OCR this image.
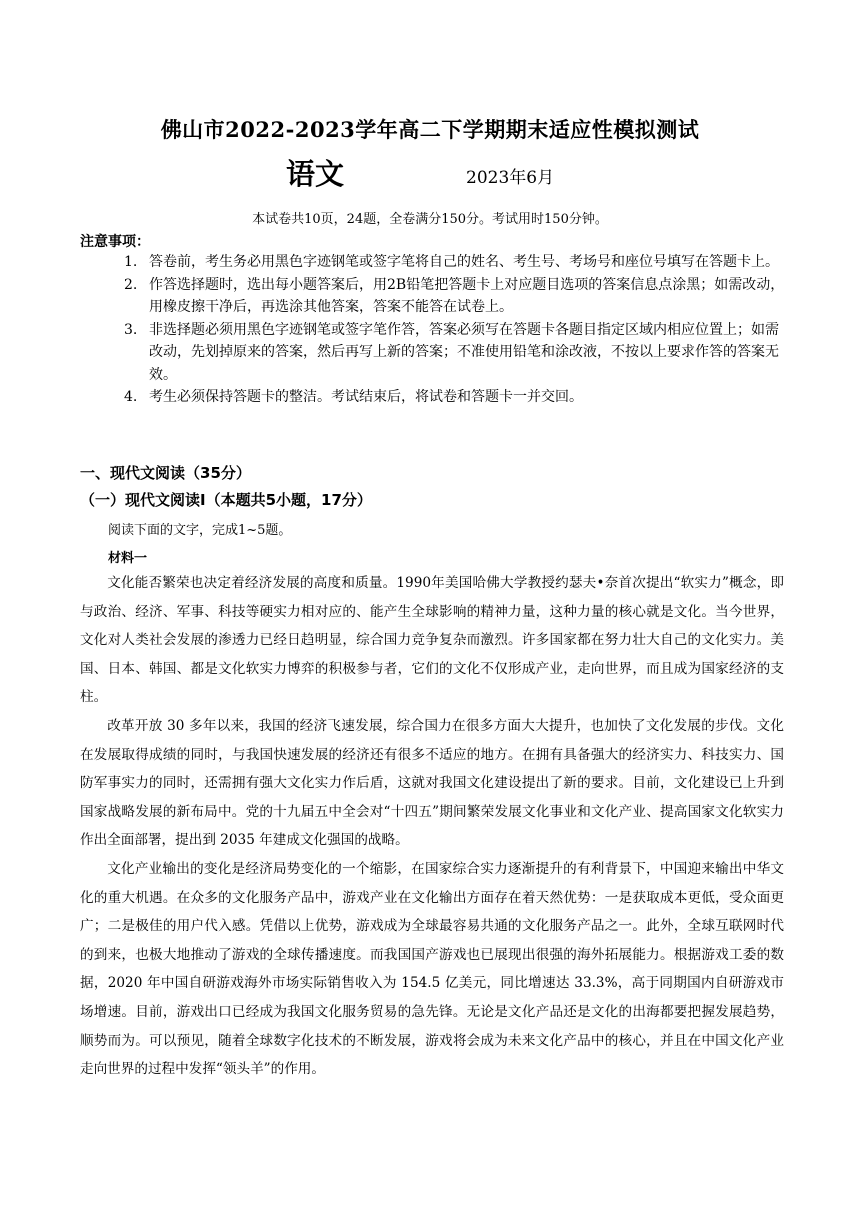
佛山市2022-2023学年高二下学期期末适应性模拟测试
语文	2023年6月
本试卷共10页，24题，全卷满分150分。考试用时150分钟。
注意事项：
1. 答卷前，考生务必用黑色字迹钢笔或签字笔将自己的姓名、考生号、考场号和座位号填写在答题卡上。
2. 作答选择题时，选出每小题答案后，用2B铅笔把答题卡上对应题目选项的答案信息点涂黑；如需改动，用橡皮擦干净后，再选涂其他答案，答案不能答在试卷上。
3. 非选择题必须用黑色字迹钢笔或签字笔作答，答案必须写在答题卡各题目指定区域内相应位置上；如需改动，先划掉原来的答案，然后再写上新的答案；不准使用铅笔和涂改液，不按以上要求作答的答案无效。
4. 考生必须保持答题卡的整洁。考试结束后，将试卷和答题卡一并交回。
一、现代文阅读（35分）
（一）现代文阅读Ⅰ（本题共5小题，17分）
阅读下面的文字，完成1~5题。
材料一

文化能否繁荣也决定着经济发展的高度和质量。1990年美国哈佛大学教授约瑟夫•奈首次提出“软实力”概念，即与政治、经济、军事、科技等硬实力相对应的、能产生全球影响的精神力量，这种力量的核心就是文化。当今世界，文化对人类社会发展的渗透力已经日趋明显，综合国力竞争复杂而激烈。许多国家都在努力壮大自己的文化实力。美国、日本、韩国、都是文化软实力博弈的积极参与者，它们的文化不仅形成产业，走向世界，而且成为国家经济的支柱。

改革开放 30 多年以来，我国的经济飞速发展，综合国力在很多方面大大提升，也加快了文化发展的步伐。文化在发展取得成绩的同时，与我国快速发展的经济还有很多不适应的地方。在拥有具备强大的经济实力、科技实力、国防军事实力的同时，还需拥有强大文化实力作后盾，这就对我国文化建设提出了新的要求。目前，文化建设已上升到国家战略发展的新布局中。党的十九届五中全会对“十四五”期间繁荣发展文化事业和文化产业、提高国家文化软实力作出全面部署，提出到 2035 年建成文化强国的战略。

文化产业输出的变化是经济局势变化的一个缩影，在国家综合实力逐渐提升的有利背景下，中国迎来输出中华文化的重大机遇。在众多的文化服务产品中，游戏产业在文化输出方面存在着天然优势：一是获取成本更低，受众面更广；二是极佳的用户代入感。凭借以上优势，游戏成为全球最容易共通的文化服务产品之一。此外，全球互联网时代的到来，也极大地推动了游戏的全球传播速度。而我国国产游戏也已展现出很强的海外拓展能力。根据游戏工委的数据，2020 年中国自研游戏海外市场实际销售收入为 154.5 亿美元，同比增速达 33.3%，高于同期国内自研游戏市场增速。目前，游戏出口已经成为我国文化服务贸易的急先锋。无论是文化产品还是文化的出海都要把握发展趋势，顺势而为。可以预见，随着全球数字化技术的不断发展，游戏将会成为未来文化产品中的核心，并且在中国文化产业走向世界的过程中发挥“领头羊”的作用。
